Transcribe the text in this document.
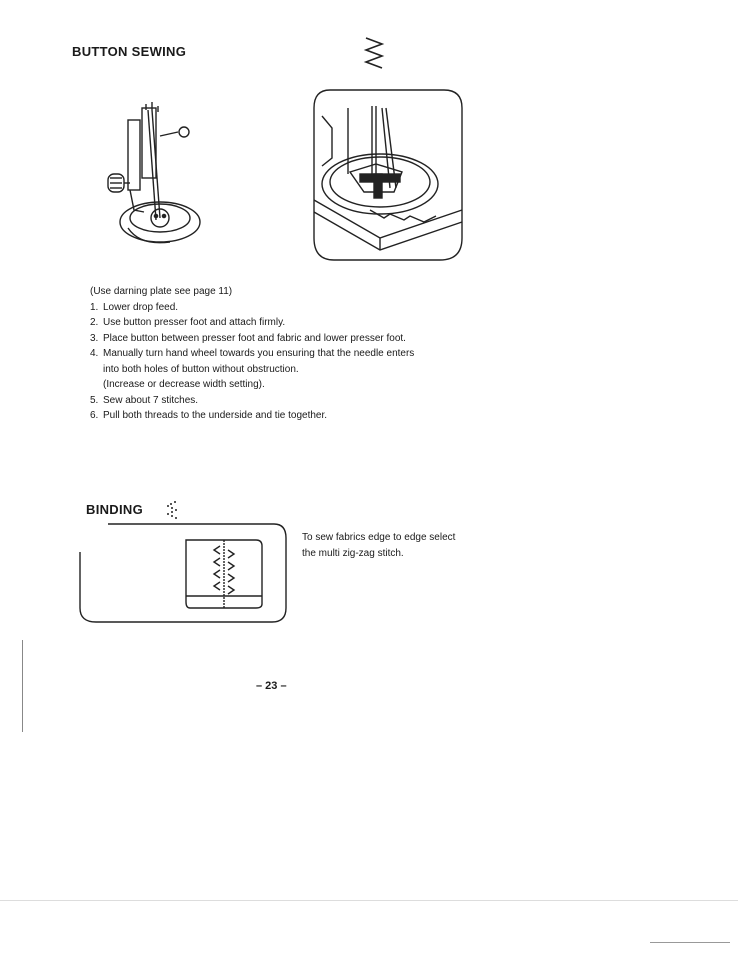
BUTTON SEWING
(Use darning plate see page 11)
1. Lower drop feed.
2. Use button presser foot and attach firmly.
3. Place button between presser foot and fabric and lower presser foot.
4. Manually turn hand wheel towards you ensuring that the needle enters
into both holes of button without obstruction.
(Increase or decrease width setting).
5. Sew about 7 stitches.
6. Pull both threads to the underside and tie together.
BINDING
To sew fabrics edge to edge select
the multi zig-zag stitch.
– 23 –
